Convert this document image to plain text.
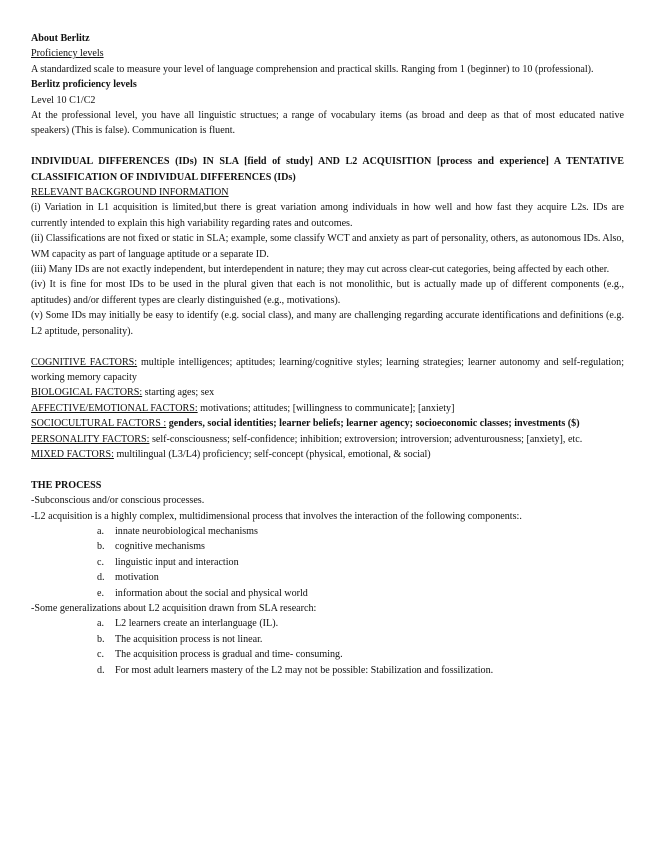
About Berlitz

Proficiency levels

A standardized scale to measure your level of language comprehension and practical skills. Ranging from 1 (beginner) to 10 (professional).

Berlitz proficiency levels

Level 10 C1/C2

At the professional level, you have all linguistic structues; a range of vocabulary items (as broad and deep as that of most educated native speakers) (This is false). Communication is fluent.

INDIVIDUAL DIFFERENCES (IDs) IN SLA [field of study] AND L2 ACQUISITION [process and experience] A TENTATIVE CLASSIFICATION OF INDIVIDUAL DIFFERENCES (IDs)

RELEVANT BACKGROUND INFORMATION

(i) Variation in L1 acquisition is limited,but there is great variation among individuals in how well and how fast they acquire L2s. IDs are currently intended to explain this high variability regarding rates and outcomes.

(ii) Classifications are not fixed or static in SLA; example, some classify WCT and anxiety as part of personality, others, as autonomous IDs. Also, WM capacity as part of language aptitude or a separate ID.

(iii) Many IDs are not exactly independent, but interdependent in nature; they may cut across clear-cut categories, being affected by each other.

(iv) It is fine for most IDs to be used in the plural given that each is not monolithic, but is actually made up of different components (e.g., aptitudes) and/or different types are clearly distinguished (e.g., motivations).

(v) Some IDs may initially be easy to identify (e.g. social class), and many are challenging regarding accurate identifications and definitions (e.g. L2 aptitude, personality).

COGNITIVE FACTORS: multiple intelligences; aptitudes; learning/cognitive styles; learning strategies; learner autonomy and self-regulation; working memory capacity

BIOLOGICAL FACTORS: starting ages; sex

AFFECTIVE/EMOTIONAL FACTORS: motivations; attitudes; [willingness to communicate]; [anxiety]

SOCIOCULTURAL FACTORS : genders, social identities; learner beliefs; learner agency; socioeconomic classes; investments ($)

PERSONALITY FACTORS: self-consciousness; self-confidence; inhibition; extroversion; introversion; adventurousness; [anxiety], etc.

MIXED FACTORS: multilingual (L3/L4) proficiency; self-concept (physical, emotional, & social)

THE PROCESS

-Subconscious and/or conscious processes.

-L2 acquisition is a highly complex, multidimensional process that involves the interaction of the following components:.

a. innate neurobiological mechanisms
b. cognitive mechanisms
c. linguistic input and interaction
d. motivation
e. information about the social and physical world

-Some generalizations about L2 acquisition drawn from SLA research:

a. L2 learners create an interlanguage (IL).
b. The acquisition process is not linear.
c. The acquisition process is gradual and time- consuming.
d. For most adult learners mastery of the L2 may not be possible: Stabilization and fossilization.
